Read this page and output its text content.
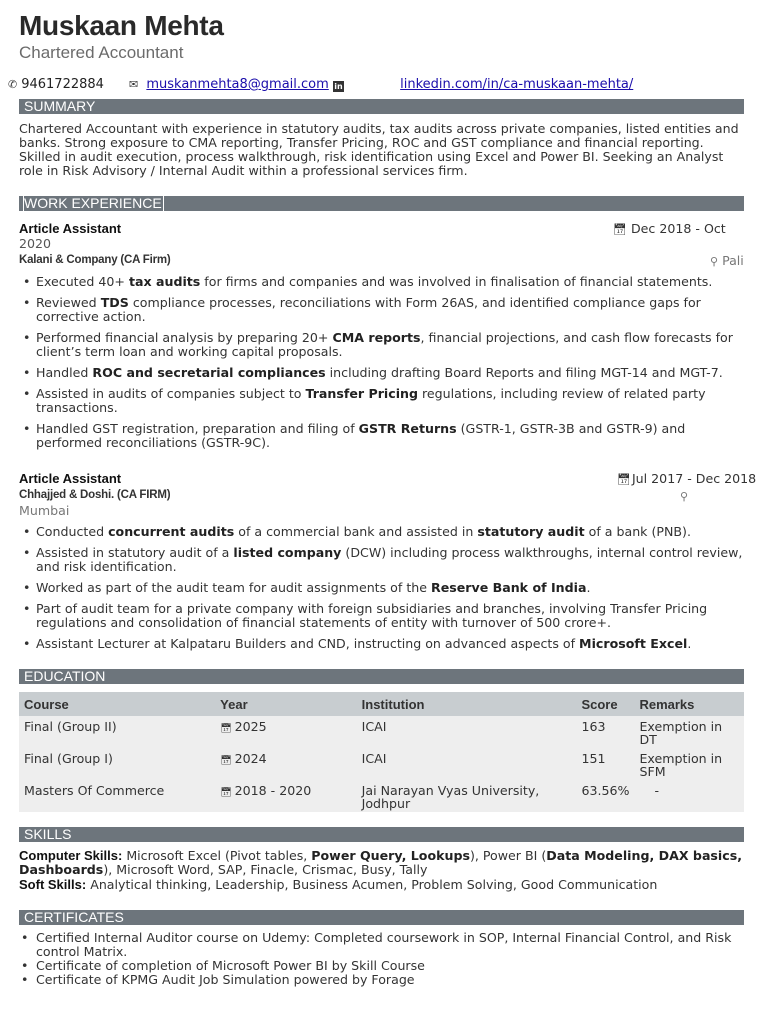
Muskaan Mehta
Chartered Accountant
✆ 9461722884 ✉ muskanmehta8@gmail.com in	linkedin.com/in/ca-muskaan-mehta/
SUMMARY
Chartered Accountant with experience in statutory audits, tax audits across private companies, listed entities and banks. Strong exposure to CMA reporting, Transfer Pricing, ROC and GST compliance and financial reporting. Skilled in audit execution, process walkthrough, risk identification using Excel and Power BI. Seeking an Analyst role in Risk Advisory / Internal Audit within a professional services firm.
WORK EXPERIENCE
Article Assistant	📅︎ Dec 2018 - Oct
2020
Kalani & Company (CA Firm)	⚲ Pali
• Executed 40+ tax audits for firms and companies and was involved in finalisation of financial statements.
• Reviewed TDS compliance processes, reconciliations with Form 26AS, and identified compliance gaps for corrective action.
• Performed financial analysis by preparing 20+ CMA reports, financial projections, and cash flow forecasts for client’s term loan and working capital proposals.
• Handled ROC and secretarial compliances including drafting Board Reports and filing MGT-14 and MGT-7.
• Assisted in audits of companies subject to Transfer Pricing regulations, including review of related party transactions.
• Handled GST registration, preparation and filing of GSTR Returns (GSTR-1, GSTR-3B and GSTR-9) and performed reconciliations (GSTR-9C).
Article Assistant	📅︎Jul 2017 - Dec 2018
Chhajjed & Doshi. (CA FIRM)	⚲
Mumbai
• Conducted concurrent audits of a commercial bank and assisted in statutory audit of a bank (PNB).
• Assisted in statutory audit of a listed company (DCW) including process walkthroughs, internal control review, and risk identification.
• Worked as part of the audit team for audit assignments of the Reserve Bank of India.
• Part of audit team for a private company with foreign subsidiaries and branches, involving Transfer Pricing regulations and consolidation of financial statements of entity with turnover of 500 crore+.
• Assistant Lecturer at Kalpataru Builders and CND, instructing on advanced aspects of Microsoft Excel.
EDUCATION
Course	Year	Institution	Score	Remarks
Final (Group II)	📅︎ 2025	ICAI	163	Exemption in DT
Final (Group I)	📅︎ 2024	ICAI	151	Exemption in SFM
Masters Of Commerce	📅︎ 2018 - 2020	Jai Narayan Vyas University, Jodhpur	63.56%	-
SKILLS
Computer Skills: Microsoft Excel (Pivot tables, Power Query, Lookups), Power BI (Data Modeling, DAX basics, Dashboards), Microsoft Word, SAP, Finacle, Crismac, Busy, Tally
Soft Skills: Analytical thinking, Leadership, Business Acumen, Problem Solving, Good Communication
CERTIFICATES
• Certified Internal Auditor course on Udemy: Completed coursework in SOP, Internal Financial Control, and Risk control Matrix.
• Certificate of completion of Microsoft Power BI by Skill Course
• Certificate of KPMG Audit Job Simulation powered by Forage
